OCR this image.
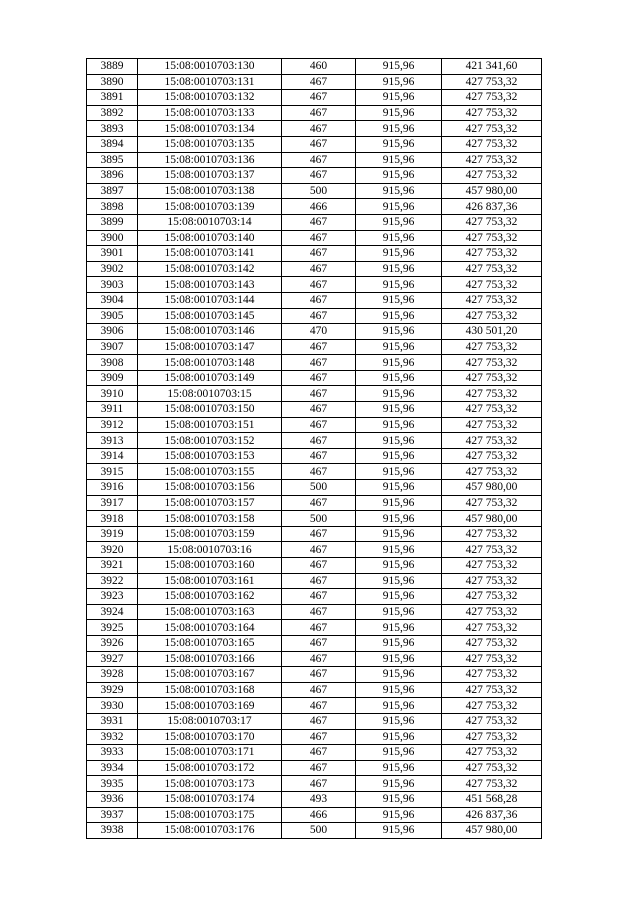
3889	15:08:0010703:130	460	915,96	421 341,60
3890	15:08:0010703:131	467	915,96	427 753,32
3891	15:08:0010703:132	467	915,96	427 753,32
3892	15:08:0010703:133	467	915,96	427 753,32
3893	15:08:0010703:134	467	915,96	427 753,32
3894	15:08:0010703:135	467	915,96	427 753,32
3895	15:08:0010703:136	467	915,96	427 753,32
3896	15:08:0010703:137	467	915,96	427 753,32
3897	15:08:0010703:138	500	915,96	457 980,00
3898	15:08:0010703:139	466	915,96	426 837,36
3899	15:08:0010703:14	467	915,96	427 753,32
3900	15:08:0010703:140	467	915,96	427 753,32
3901	15:08:0010703:141	467	915,96	427 753,32
3902	15:08:0010703:142	467	915,96	427 753,32
3903	15:08:0010703:143	467	915,96	427 753,32
3904	15:08:0010703:144	467	915,96	427 753,32
3905	15:08:0010703:145	467	915,96	427 753,32
3906	15:08:0010703:146	470	915,96	430 501,20
3907	15:08:0010703:147	467	915,96	427 753,32
3908	15:08:0010703:148	467	915,96	427 753,32
3909	15:08:0010703:149	467	915,96	427 753,32
3910	15:08:0010703:15	467	915,96	427 753,32
3911	15:08:0010703:150	467	915,96	427 753,32
3912	15:08:0010703:151	467	915,96	427 753,32
3913	15:08:0010703:152	467	915,96	427 753,32
3914	15:08:0010703:153	467	915,96	427 753,32
3915	15:08:0010703:155	467	915,96	427 753,32
3916	15:08:0010703:156	500	915,96	457 980,00
3917	15:08:0010703:157	467	915,96	427 753,32
3918	15:08:0010703:158	500	915,96	457 980,00
3919	15:08:0010703:159	467	915,96	427 753,32
3920	15:08:0010703:16	467	915,96	427 753,32
3921	15:08:0010703:160	467	915,96	427 753,32
3922	15:08:0010703:161	467	915,96	427 753,32
3923	15:08:0010703:162	467	915,96	427 753,32
3924	15:08:0010703:163	467	915,96	427 753,32
3925	15:08:0010703:164	467	915,96	427 753,32
3926	15:08:0010703:165	467	915,96	427 753,32
3927	15:08:0010703:166	467	915,96	427 753,32
3928	15:08:0010703:167	467	915,96	427 753,32
3929	15:08:0010703:168	467	915,96	427 753,32
3930	15:08:0010703:169	467	915,96	427 753,32
3931	15:08:0010703:17	467	915,96	427 753,32
3932	15:08:0010703:170	467	915,96	427 753,32
3933	15:08:0010703:171	467	915,96	427 753,32
3934	15:08:0010703:172	467	915,96	427 753,32
3935	15:08:0010703:173	467	915,96	427 753,32
3936	15:08:0010703:174	493	915,96	451 568,28
3937	15:08:0010703:175	466	915,96	426 837,36
3938	15:08:0010703:176	500	915,96	457 980,00
